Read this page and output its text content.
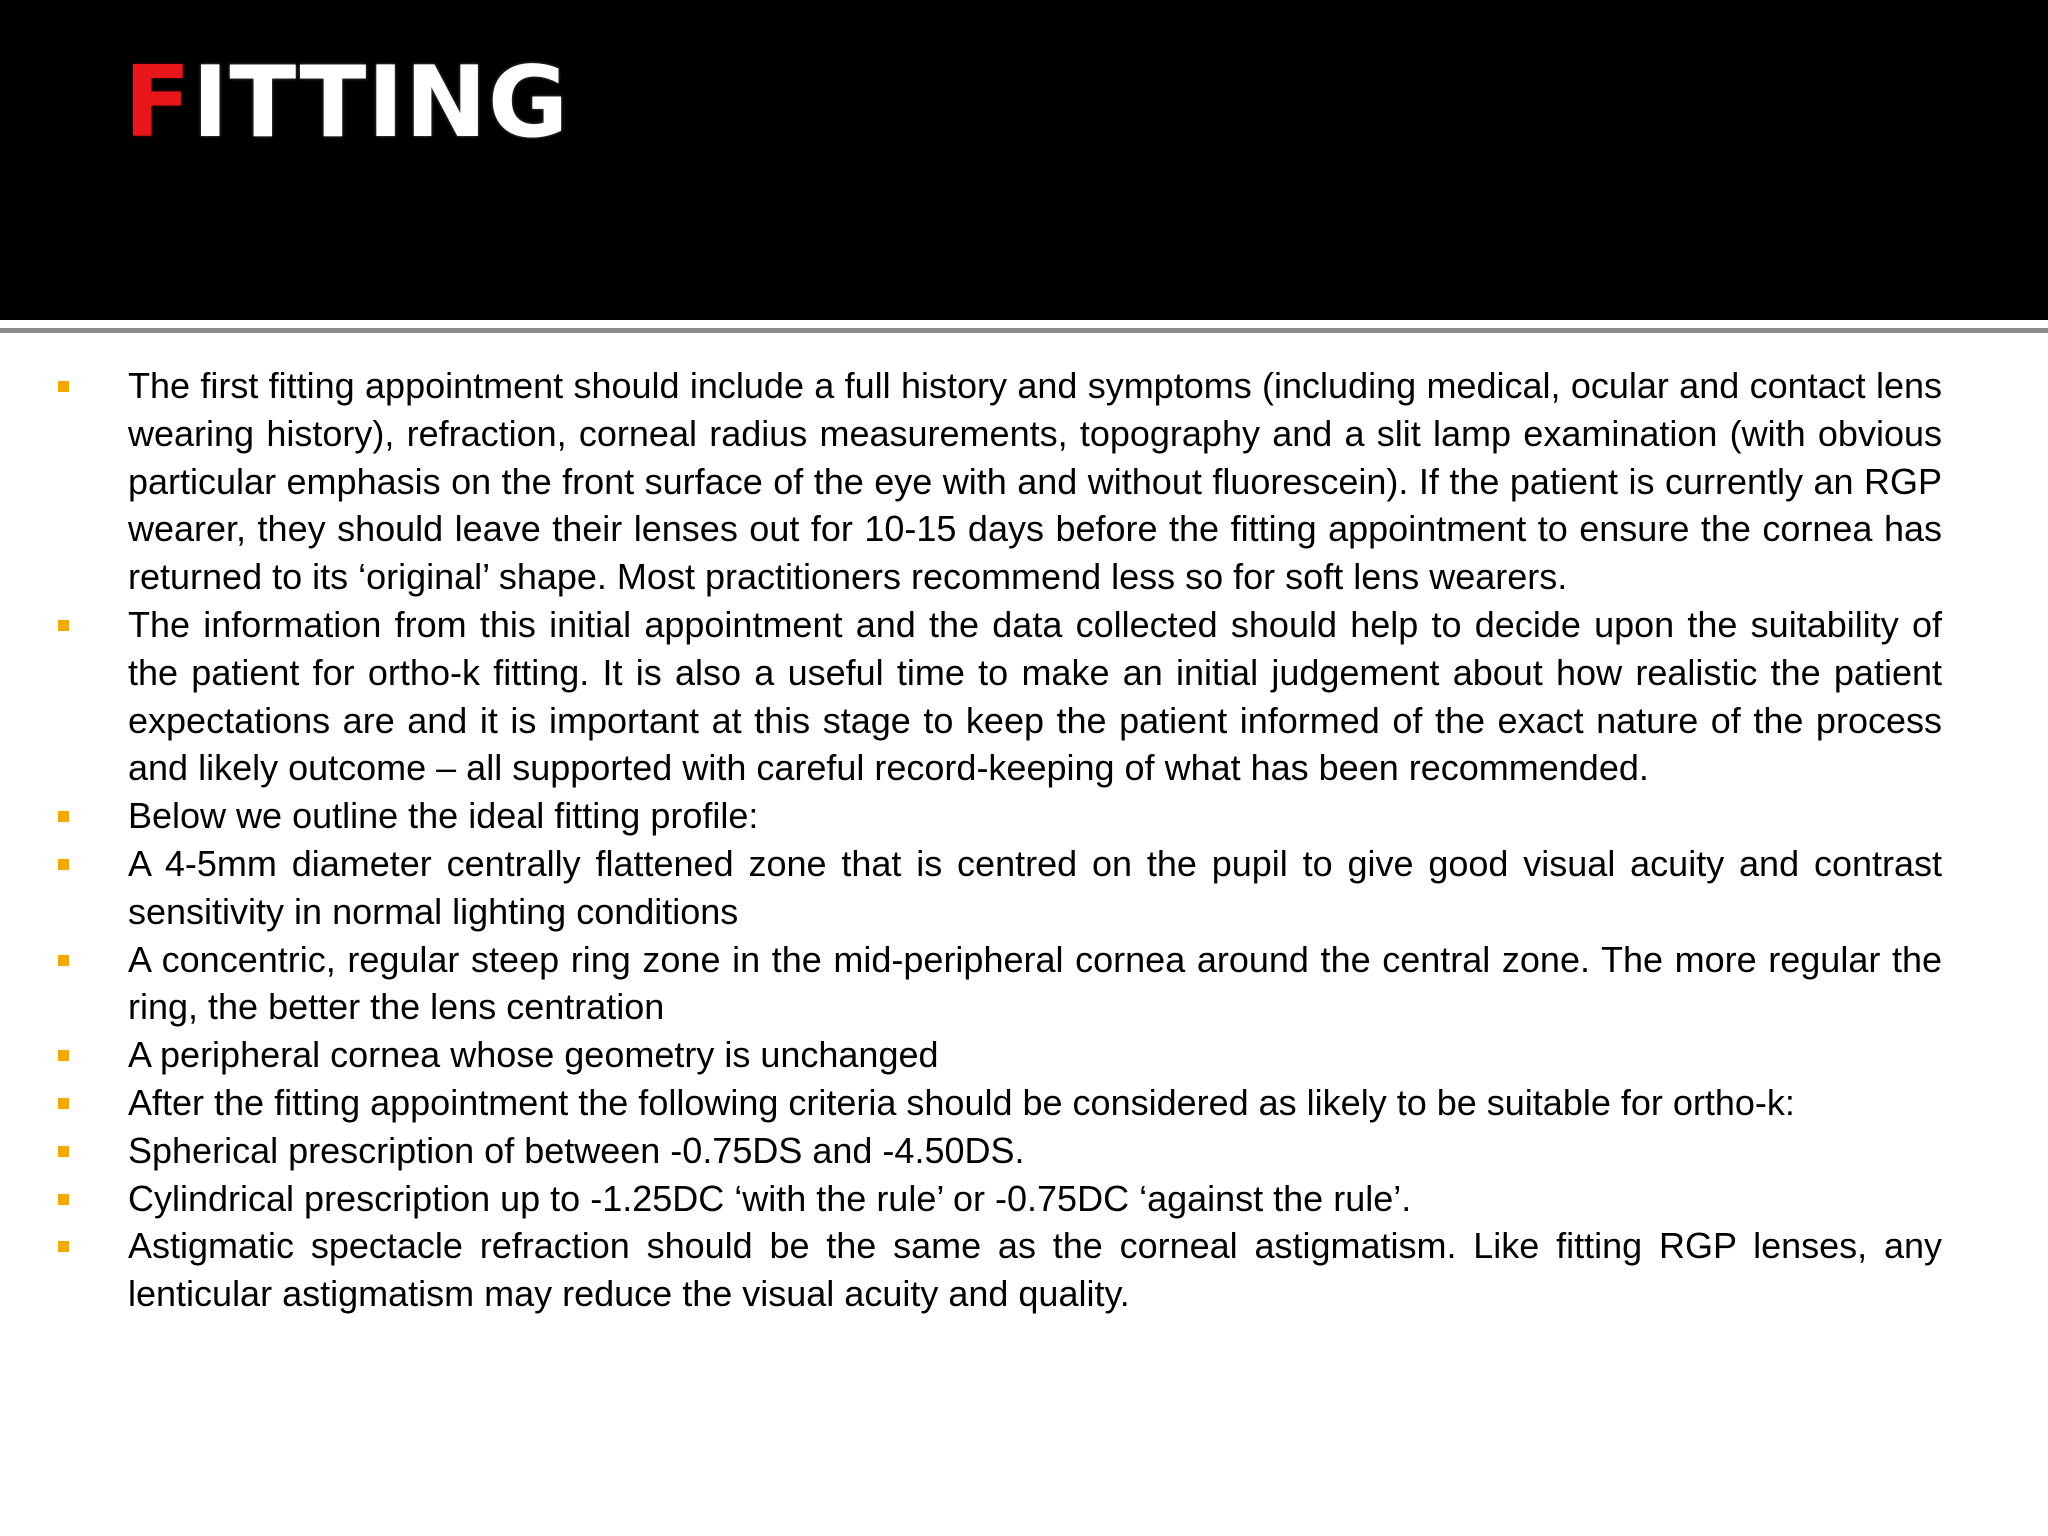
FITTING
The first fitting appointment should include a full history and symptoms (including medical, ocular and contact lens wearing history), refraction, corneal radius measurements, topography and a slit lamp examination (with obvious particular emphasis on the front surface of the eye with and without fluorescein). If the patient is currently an RGP wearer, they should leave their lenses out for 10-15 days before the fitting appointment to ensure the cornea has returned to its ‘original’ shape. Most practitioners recommend less so for soft lens wearers.
The information from this initial appointment and the data collected should help to decide upon the suitability of the patient for ortho-k fitting. It is also a useful time to make an initial judgement about how realistic the patient expectations are and it is important at this stage to keep the patient informed of the exact nature of the process and likely outcome – all supported with careful record-keeping of what has been recommended.
Below we outline the ideal fitting profile:
A 4-5mm diameter centrally flattened zone that is centred on the pupil to give good visual acuity and contrast sensitivity in normal lighting conditions
A concentric, regular steep ring zone in the mid-peripheral cornea around the central zone. The more regular the ring, the better the lens centration
A peripheral cornea whose geometry is unchanged
After the fitting appointment the following criteria should be considered as likely to be suitable for ortho-k:
Spherical prescription of between -0.75DS and -4.50DS.
Cylindrical prescription up to -1.25DC ‘with the rule’ or -0.75DC ‘against the rule’.
Astigmatic spectacle refraction should be the same as the corneal astigmatism. Like fitting RGP lenses, any lenticular astigmatism may reduce the visual acuity and quality.
